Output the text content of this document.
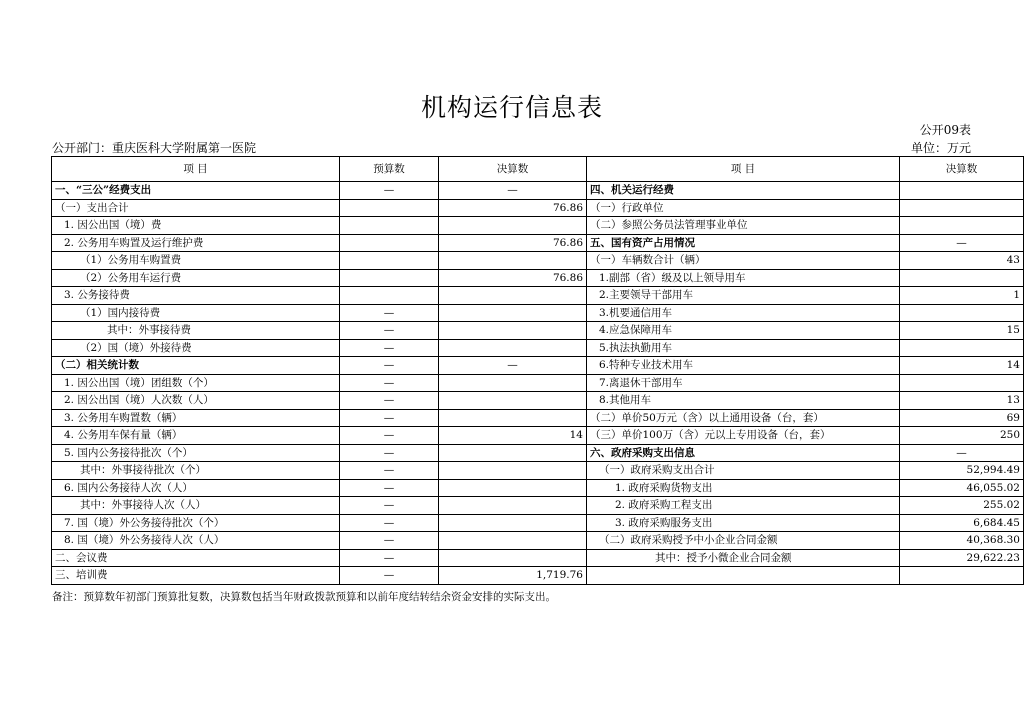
机构运行信息表
公开09表
公开部门：重庆医科大学附属第一医院	单位：万元
项 目	预算数	决算数	项 目	决算数
一、“三公”经费支出	—	—	四、机关运行经费	
（一）支出合计		76.86	（一）行政单位	
1. 因公出国（境）费			（二）参照公务员法管理事业单位	
2. 公务用车购置及运行维护费		76.86	五、国有资产占用情况	—
（1）公务用车购置费			（一）车辆数合计（辆）	43
（2）公务用车运行费		76.86	1.副部（省）级及以上领导用车	
3. 公务接待费			2.主要领导干部用车	1
（1）国内接待费	—		3.机要通信用车	
其中：外事接待费	—		4.应急保障用车	15
（2）国（境）外接待费	—		5.执法执勤用车	
（二）相关统计数	—	—	6.特种专业技术用车	14
1. 因公出国（境）团组数（个）	—		7.离退休干部用车	
2. 因公出国（境）人次数（人）	—		8.其他用车	13
3. 公务用车购置数（辆）	—		（二）单价50万元（含）以上通用设备（台，套）	69
4. 公务用车保有量（辆）	—	14	（三）单价100万（含）元以上专用设备（台，套）	250
5. 国内公务接待批次（个）	—		六、政府采购支出信息	—
其中：外事接待批次（个）	—		（一）政府采购支出合计	52,994.49
6. 国内公务接待人次（人）	—		1. 政府采购货物支出	46,055.02
其中：外事接待人次（人）	—		2. 政府采购工程支出	255.02
7. 国（境）外公务接待批次（个）	—		3. 政府采购服务支出	6,684.45
8. 国（境）外公务接待人次（人）	—		（二）政府采购授予中小企业合同金额	40,368.30
二、会议费	—		其中：授予小微企业合同金额	29,622.23
三、培训费	—	1,719.76		
备注：预算数年初部门预算批复数，决算数包括当年财政拨款预算和以前年度结转结余资金安排的实际支出。
